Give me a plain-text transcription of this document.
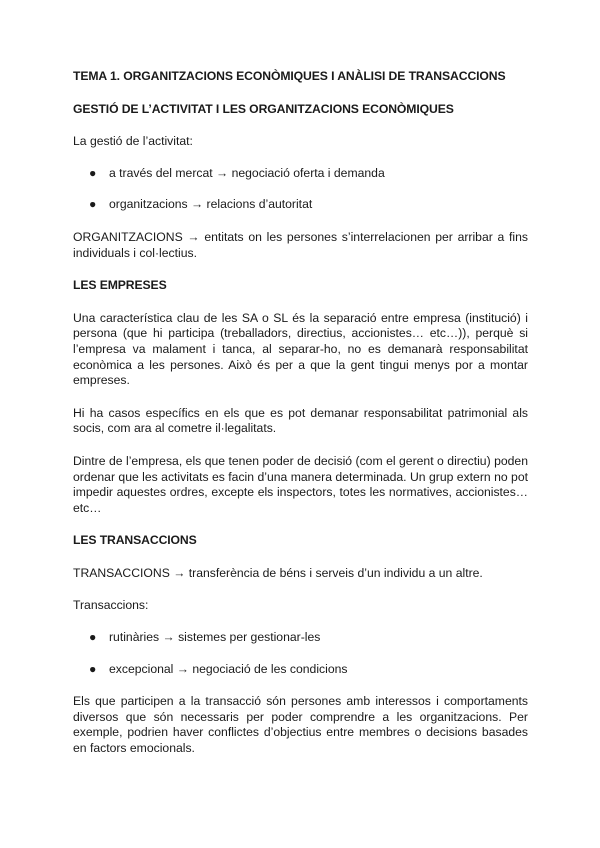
TEMA 1. ORGANITZACIONS ECONÒMIQUES I ANÀLISI DE TRANSACCIONS
GESTIÓ DE L’ACTIVITAT I LES ORGANITZACIONS ECONÒMIQUES

La gestió de l’activitat:

● a través del mercat → negociació oferta i demanda
● organitzacions → relacions d’autoritat

ORGANITZACIONS → entitats on les persones s’interrelacionen per arribar a fins individuals i col·lectius.

LES EMPRESES

Una característica clau de les SA o SL és la separació entre empresa (institució) i persona (que hi participa (treballadors, directius, accionistes… etc…)), perquè si l’empresa va malament i tanca, al separar-ho, no es demanarà responsabilitat econòmica a les persones. Això és per a que la gent tingui menys por a montar empreses.

Hi ha casos específics en els que es pot demanar responsabilitat patrimonial als socis, com ara al cometre il·legalitats.

Dintre de l’empresa, els que tenen poder de decisió (com el gerent o directiu) poden ordenar que les activitats es facin d’una manera determinada. Un grup extern no pot impedir aquestes ordres, excepte els inspectors, totes les normatives, accionistes… etc…

LES TRANSACCIONS

TRANSACCIONS → transferència de béns i serveis d’un individu a un altre.

Transaccions:

● rutinàries → sistemes per gestionar-les
● excepcional → negociació de les condicions

Els que participen a la transacció són persones amb interessos i comportaments diversos que són necessaris per poder comprendre a les organitzacions. Per exemple, podrien haver conflictes d’objectius entre membres o decisions basades en factors emocionals.
